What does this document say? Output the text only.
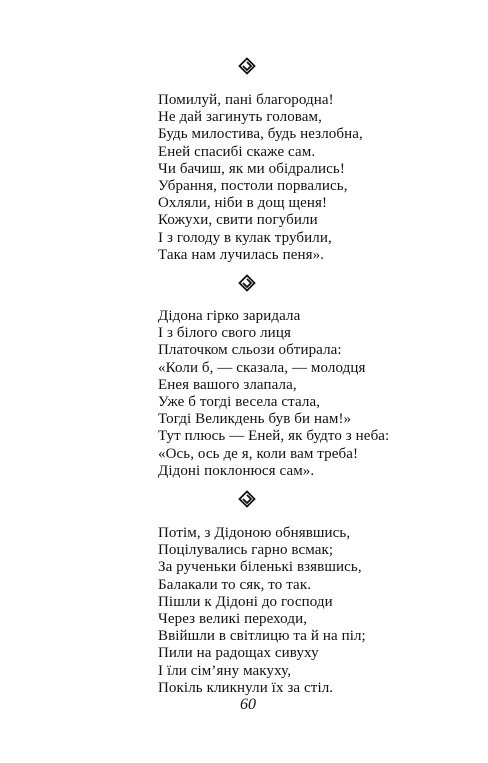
Помилуй, пані благородна!
Не дай загинуть головам,
Будь милостива, будь незлобна,
Еней спасибі скаже сам.
Чи бачиш, як ми обідрались!
Убрання, постоли порвались,
Охляли, ніби в дощ щеня!
Кожухи, свити погубили
І з голоду в кулак трубили,
Така нам лучилась пеня».
Дідона гірко заридала
І з білого свого лиця
Платочком сльози обтирала:
«Коли б, — сказала, — молодця
Енея вашого злапала,
Уже б тогді весела стала,
Тогді Великдень був би нам!»
Тут плюсь — Еней, як будто з неба:
«Ось, ось де я, коли вам треба!
Дідоні поклонюся сам».
Потім, з Дідоною обнявшись,
Поцілувались гарно всмак;
За рученьки біленькі взявшись,
Балакали то сяк, то так.
Пішли к Дідоні до господи
Через великі переходи,
Ввійшли в світлицю та й на піл;
Пили на радощах сивуху
І їли сім’яну макуху,
Покіль кликнули їх за стіл.
60
